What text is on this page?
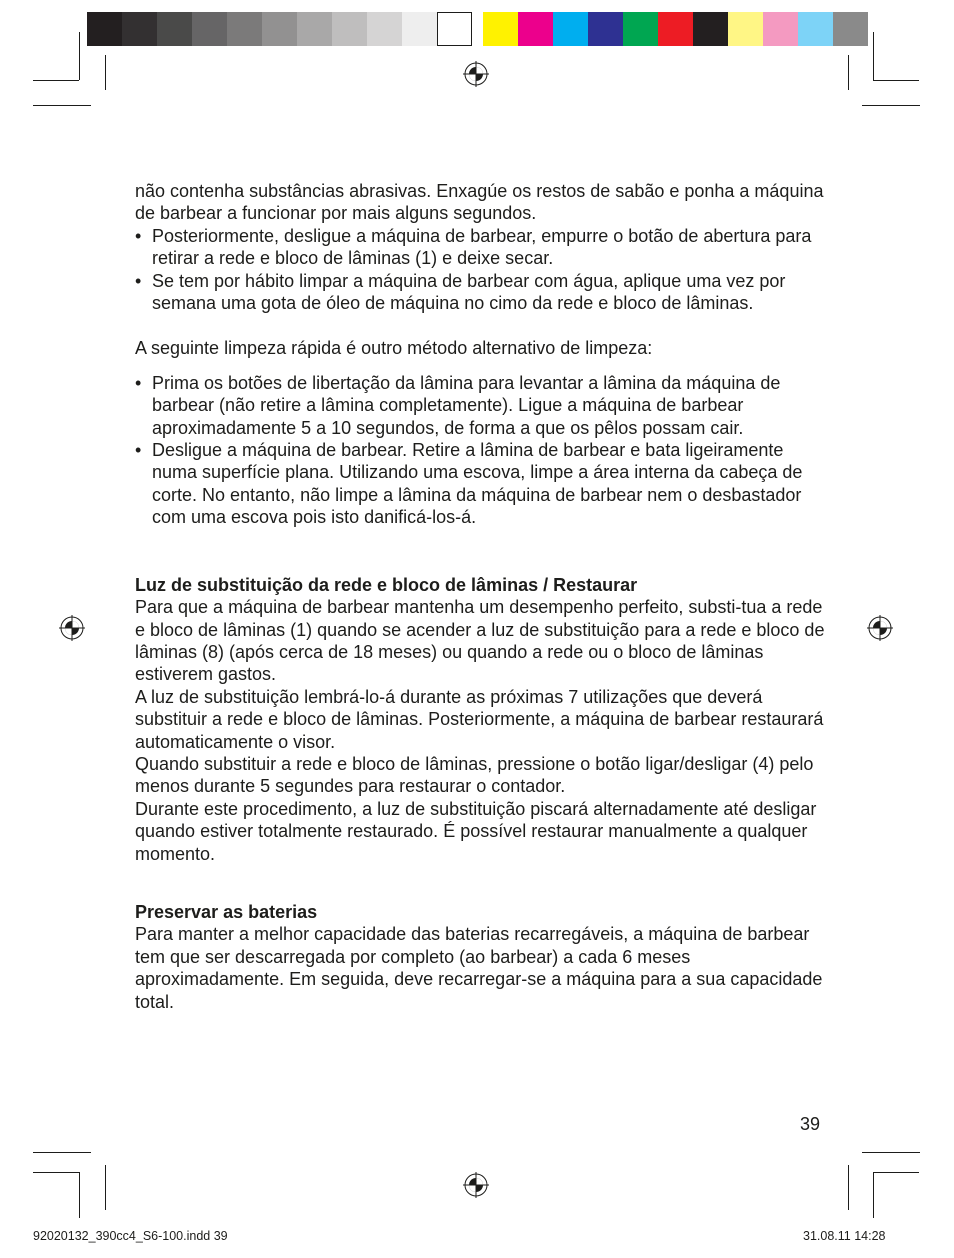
não contenha substâncias abrasivas. Enxagúe os restos de sabão e ponha a máquina de barbear a funcionar por mais alguns segundos.

• Posteriormente, desligue a máquina de barbear, empurre o botão de abertura para retirar a rede e bloco de lâminas (1) e deixe secar.
• Se tem por hábito limpar a máquina de barbear com água, aplique uma vez por semana uma gota de óleo de máquina no cimo da rede e bloco de lâminas.

A seguinte limpeza rápida é outro método alternativo de limpeza:

• Prima os botões de libertação da lâmina para levantar a lâmina da máquina de barbear (não retire a lâmina completamente). Ligue a máquina de barbear aproximadamente 5 a 10 segundos, de forma a que os pêlos possam cair.
• Desligue a máquina de barbear. Retire a lâmina de barbear e bata ligeiramente numa superfície plana. Utilizando uma escova, limpe a área interna da cabeça de corte. No entanto, não limpe a lâmina da máquina de barbear nem o desbastador com uma escova pois isto danificá-los-á.

Luz de substituição da rede e bloco de lâminas / Restaurar

Para que a máquina de barbear mantenha um desempenho perfeito, substi-tua a rede e bloco de lâminas (1) quando se acender a luz de substituição para a rede e bloco de lâminas (8) (após cerca de 18 meses) ou quando a rede ou o bloco de lâminas estiverem gastos.

A luz de substituição lembrá-lo-á durante as próximas 7 utilizações que deverá substituir a rede e bloco de lâminas. Posteriormente, a máquina de barbear restaurará automaticamente o visor.

Quando substituir a rede e bloco de lâminas, pressione o botão ligar/desligar (4) pelo menos durante 5 segundes para restaurar o contador.

Durante este procedimento, a luz de substituição piscará alternadamente até desligar quando estiver totalmente restaurado. É possível restaurar manualmente a qualquer momento.

Preservar as baterias

Para manter a melhor capacidade das baterias recarregáveis, a máquina de barbear tem que ser descarregada por completo (ao barbear) a cada 6 meses aproximadamente. Em seguida, deve recarregar-se a máquina para a sua capacidade total.

39
92020132_390cc4_S6-100.indd 39	31.08.11 14:28
